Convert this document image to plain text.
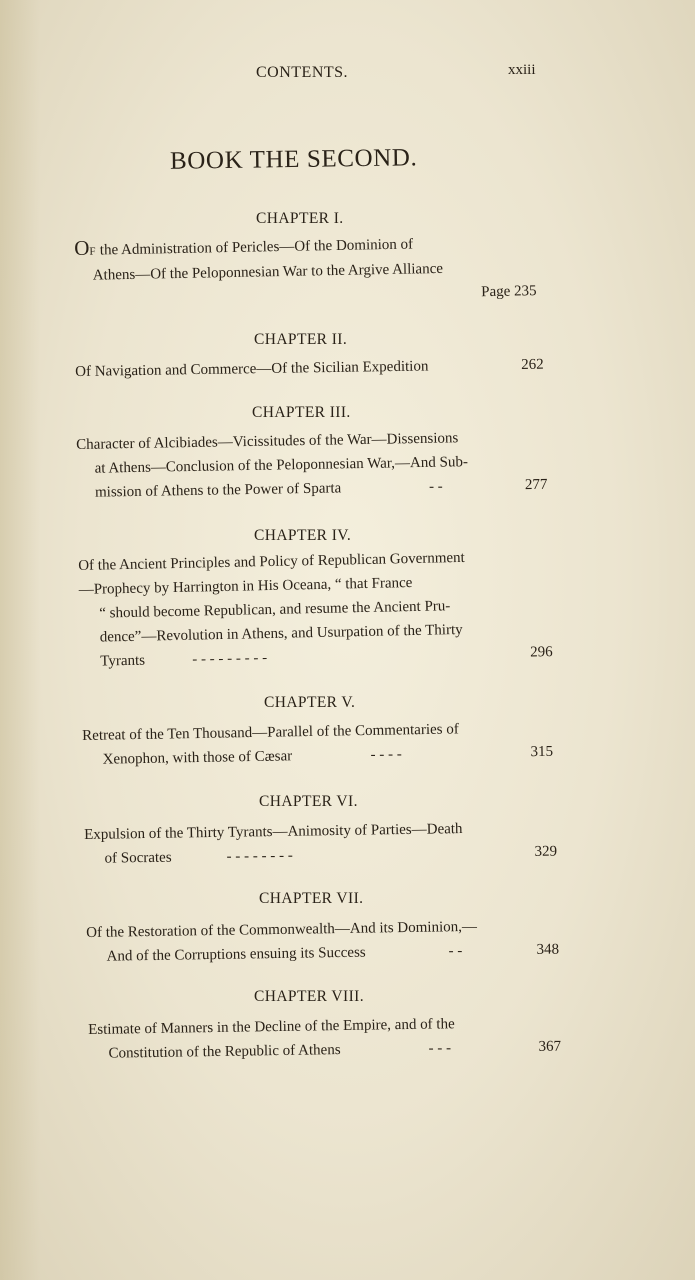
CONTENTS.	xxiii
BOOK THE SECOND.
CHAPTER I.
OF the Administration of Pericles—Of the Dominion of
Athens—Of the Peloponnesian War to the Argive Alliance
Page 235
CHAPTER II.
Of Navigation and Commerce—Of the Sicilian Expedition	262
CHAPTER III.
Character of Alcibiades—Vicissitudes of the War—Dissensions
at Athens—Conclusion of the Peloponnesian War,—And Sub-
mission of Athens to the Power of Sparta	- -	277
CHAPTER IV.
Of the Ancient Principles and Policy of Republican Government
—Prophecy by Harrington in His Oceana, “ that France
“ should become Republican, and resume the Ancient Pru-
dence”—Revolution in Athens, and Usurpation of the Thirty
Tyrants	- - - - - - - - -	296
CHAPTER V.
Retreat of the Ten Thousand—Parallel of the Commentaries of
Xenophon, with those of Cæsar	- - - -	315
CHAPTER VI.
Expulsion of the Thirty Tyrants—Animosity of Parties—Death
of Socrates	- - - - - - - -	329
CHAPTER VII.
Of the Restoration of the Commonwealth—And its Dominion,—
And of the Corruptions ensuing its Success	- -	348
CHAPTER VIII.
Estimate of Manners in the Decline of the Empire, and of the
Constitution of the Republic of Athens	- - -	367
